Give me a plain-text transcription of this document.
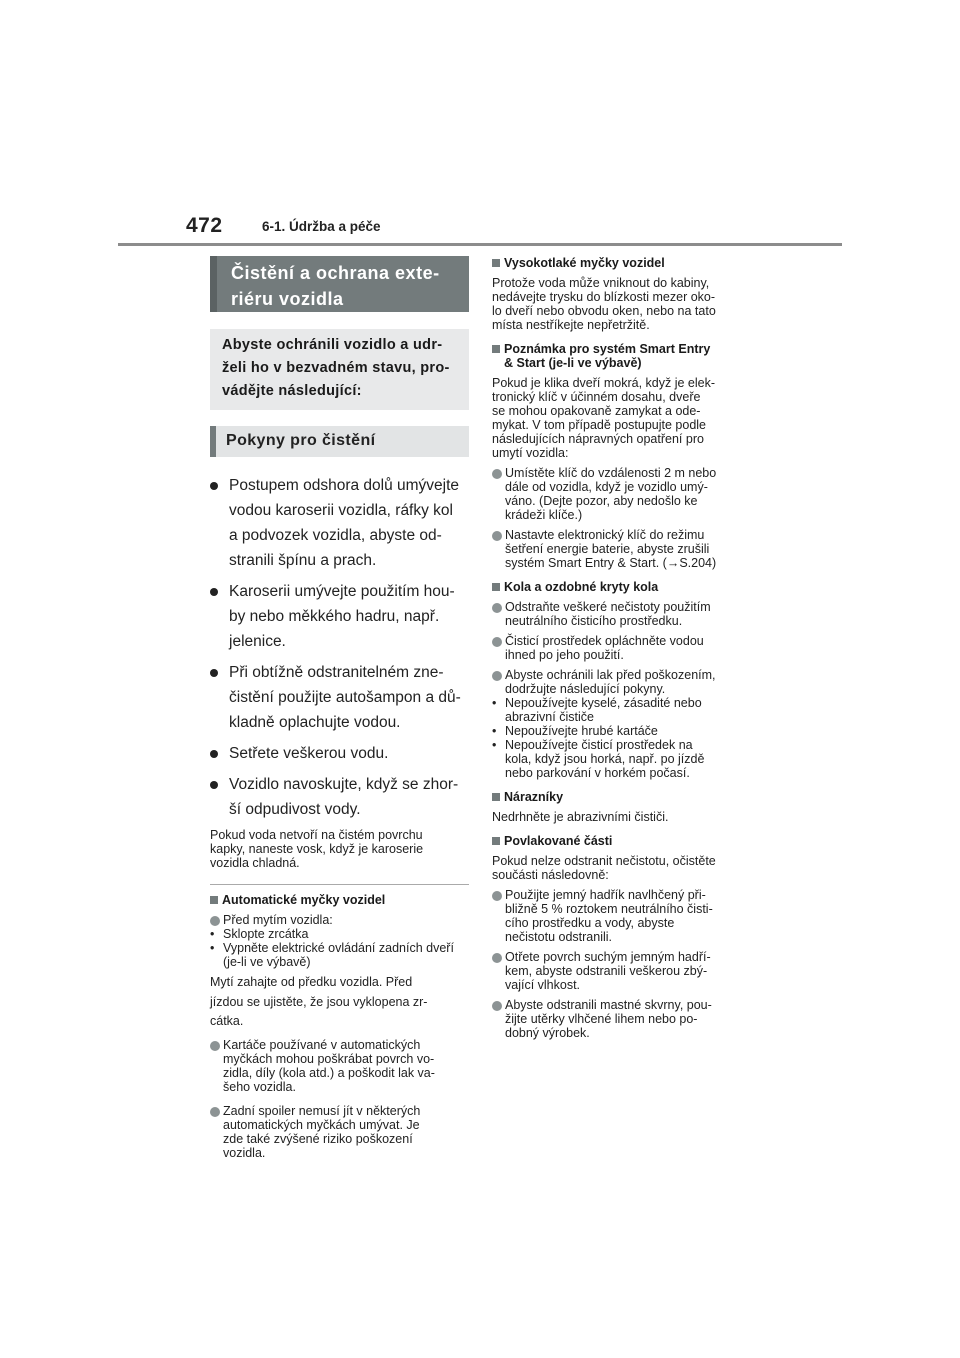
472	6-1. Údržba a péče
Čistění a ochrana exte-
riéru vozidla
Abyste ochránili vozidlo a udr-
želi ho v bezvadném stavu, pro-
vádějte následující:
Pokyny pro čistění
Postupem odshora dolů umývejte
vodou karoserii vozidla, ráfky kol
a podvozek vozidla, abyste od-
stranili špínu a prach.
Karoserii umývejte použitím hou-
by nebo měkkého hadru, např.
jelenice.
Při obtížně odstranitelném zne-
čistění použijte autošampon a dů-
kladně oplachujte vodou.
Setřete veškerou vodu.
Vozidlo navoskujte, když se zhor-
ší odpudivost vody.
Pokud voda netvoří na čistém povrchu
kapky, naneste vosk, když je karoserie
vozidla chladná.
Automatické myčky vozidel
Před mytím vozidla:
• Sklopte zrcátka
• Vypněte elektrické ovládání zadních dveří (je-li ve výbavě)
Mytí zahajte od předku vozidla. Před
jízdou se ujistěte, že jsou vyklopena zr-
cátka.
Kartáče používané v automatických
myčkách mohou poškrábat povrch vo-
zidla, díly (kola atd.) a poškodit lak va-
šeho vozidla.
Zadní spoiler nemusí jít v některých
automatických myčkách umývat. Je
zde také zvýšené riziko poškození
vozidla.
Vysokotlaké myčky vozidel
Protože voda může vniknout do kabiny,
nedávejte trysku do blízkosti mezer oko-
lo dveří nebo obvodu oken, nebo na tato
místa nestříkejte nepřetržitě.
Poznámka pro systém Smart Entry
& Start (je-li ve výbavě)
Pokud je klika dveří mokrá, když je elek-
tronický klíč v účinném dosahu, dveře
se mohou opakovaně zamykat a ode-
mykat. V tom případě postupujte podle
následujících nápravných opatření pro
umytí vozidla:
Umístěte klíč do vzdálenosti 2 m nebo
dále od vozidla, když je vozidlo umý-
váno. (Dejte pozor, aby nedošlo ke
krádeži klíče.)
Nastavte elektronický klíč do režimu
šetření energie baterie, abyste zrušili
systém Smart Entry & Start. (→S.204)
Kola a ozdobné kryty kola
Odstraňte veškeré nečistoty použitím
neutrálního čisticího prostředku.
Čisticí prostředek opláchněte vodou
ihned po jeho použití.
Abyste ochránili lak před poškozením,
dodržujte následující pokyny.
• Nepoužívejte kyselé, zásadité nebo
abrazivní čističe
• Nepoužívejte hrubé kartáče
• Nepoužívejte čisticí prostředek na
kola, když jsou horká, např. po jízdě
nebo parkování v horkém počasí.
Nárazníky
Nedrhněte je abrazivními čističi.
Povlakované části
Pokud nelze odstranit nečistotu, očistěte
součásti následovně:
Použijte jemný hadřík navlhčený při-
bližně 5 % roztokem neutrálního čisti-
cího prostředku a vody, abyste
nečistotu odstranili.
Otřete povrch suchým jemným hadří-
kem, abyste odstranili veškerou zbý-
vající vlhkost.
Abyste odstranili mastné skvrny, pou-
žijte utěrky vlhčené lihem nebo po-
dobný výrobek.
